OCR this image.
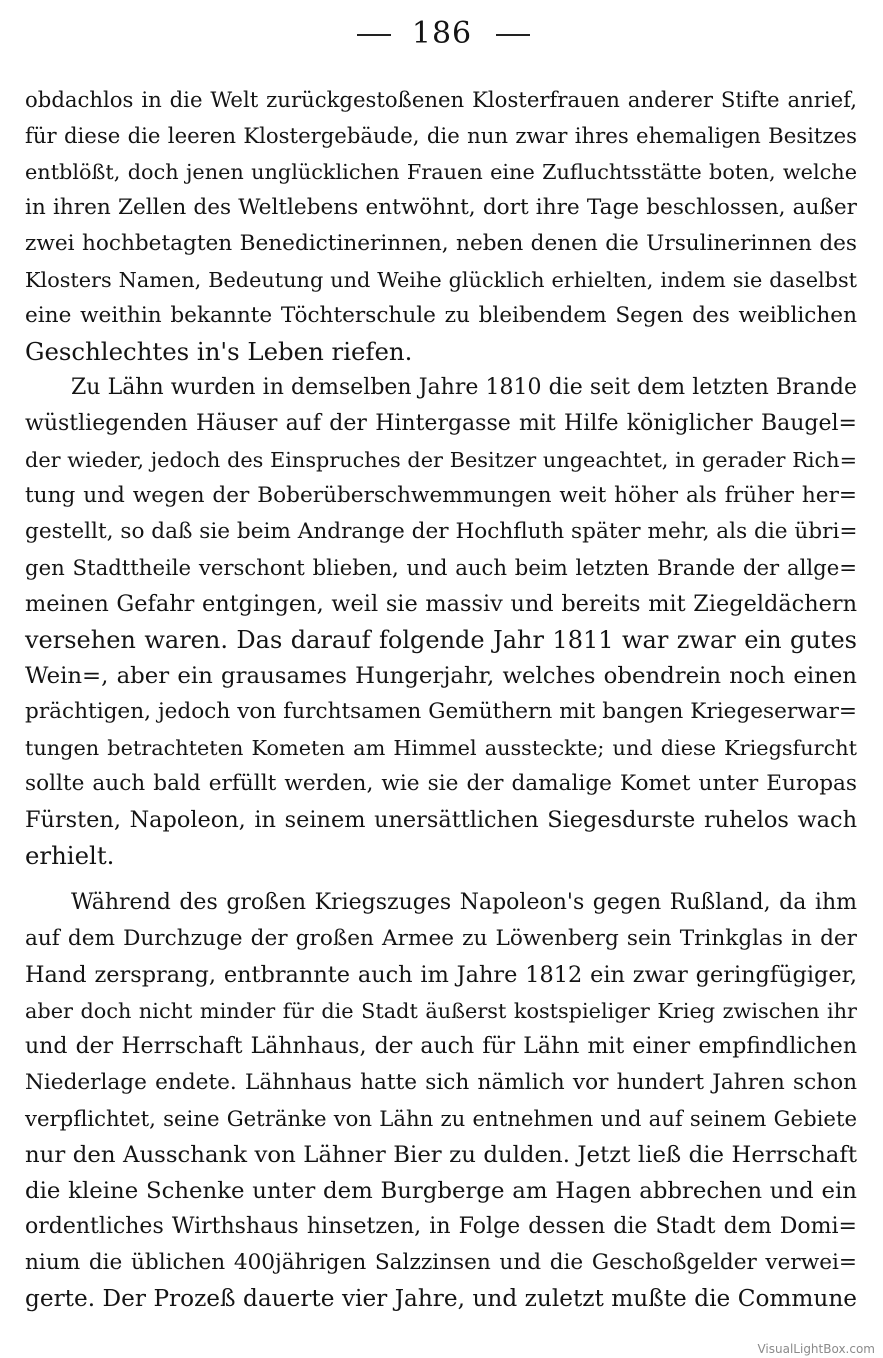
186
obdachlos in die Welt zurückgestoßenen Klosterfrauen anderer Stifte anrief,
für diese die leeren Klostergebäude, die nun zwar ihres ehemaligen Besitzes
entblößt, doch jenen unglücklichen Frauen eine Zufluchtsstätte boten, welche
in ihren Zellen des Weltlebens entwöhnt, dort ihre Tage beschlossen, außer
zwei hochbetagten Benedictinerinnen, neben denen die Ursulinerinnen des
Klosters Namen, Bedeutung und Weihe glücklich erhielten, indem sie daselbst
eine weithin bekannte Töchterschule zu bleibendem Segen des weiblichen
Geschlechtes in's Leben riefen.
Zu Lähn wurden in demselben Jahre 1810 die seit dem letzten Brande
wüstliegenden Häuser auf der Hintergasse mit Hilfe königlicher Baugel=
der wieder, jedoch des Einspruches der Besitzer ungeachtet, in gerader Rich=
tung und wegen der Boberüberschwemmungen weit höher als früher her=
gestellt, so daß sie beim Andrange der Hochfluth später mehr, als die übri=
gen Stadttheile verschont blieben, und auch beim letzten Brande der allge=
meinen Gefahr entgingen, weil sie massiv und bereits mit Ziegeldächern
versehen waren. Das darauf folgende Jahr 1811 war zwar ein gutes
Wein=, aber ein grausames Hungerjahr, welches obendrein noch einen
prächtigen, jedoch von furchtsamen Gemüthern mit bangen Kriegeserwar=
tungen betrachteten Kometen am Himmel aussteckte; und diese Kriegsfurcht
sollte auch bald erfüllt werden, wie sie der damalige Komet unter Europas
Fürsten, Napoleon, in seinem unersättlichen Siegesdurste ruhelos wach
erhielt.
Während des großen Kriegszuges Napoleon's gegen Rußland, da ihm
auf dem Durchzuge der großen Armee zu Löwenberg sein Trinkglas in der
Hand zersprang, entbrannte auch im Jahre 1812 ein zwar geringfügiger,
aber doch nicht minder für die Stadt äußerst kostspieliger Krieg zwischen ihr
und der Herrschaft Lähnhaus, der auch für Lähn mit einer empfindlichen
Niederlage endete. Lähnhaus hatte sich nämlich vor hundert Jahren schon
verpflichtet, seine Getränke von Lähn zu entnehmen und auf seinem Gebiete
nur den Ausschank von Lähner Bier zu dulden. Jetzt ließ die Herrschaft
die kleine Schenke unter dem Burgberge am Hagen abbrechen und ein
ordentliches Wirthshaus hinsetzen, in Folge dessen die Stadt dem Domi=
nium die üblichen 400jährigen Salzzinsen und die Geschoßgelder verwei=
gerte. Der Prozeß dauerte vier Jahre, und zuletzt mußte die Commune
VisualLightBox.com
